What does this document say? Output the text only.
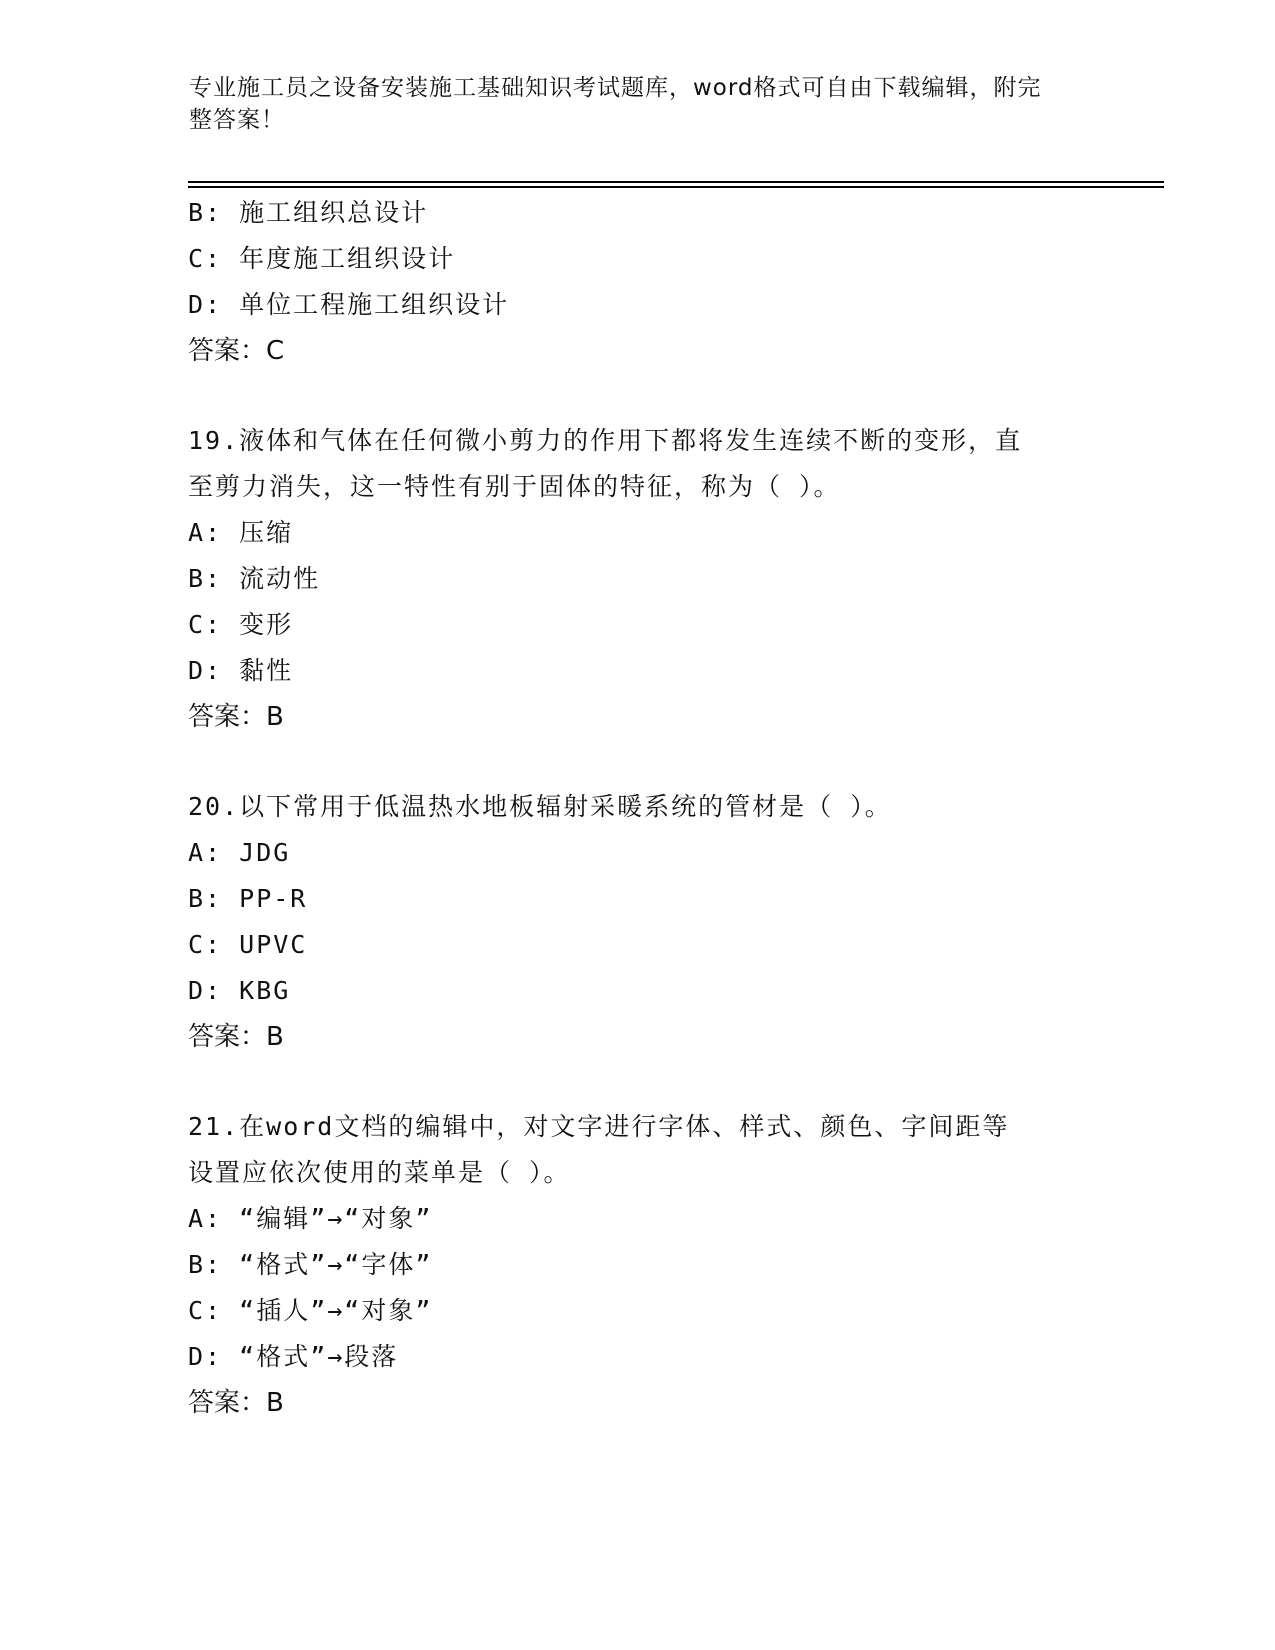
专业施工员之设备安装施工基础知识考试题库，word格式可自由下载编辑，附完
整答案！
B: 施工组织总设计
C: 年度施工组织设计
D: 单位工程施工组织设计
答案：C
19.液体和气体在任何微小剪力的作用下都将发生连续不断的变形，直
至剪力消失，这一特性有别于固体的特征，称为（ ）。
A: 压缩
B: 流动性
C: 变形
D: 黏性
答案：B
20.以下常用于低温热水地板辐射采暖系统的管材是（ ）。
A: JDG
B: PP-R
C: UPVC
D: KBG
答案：B
21.在word文档的编辑中，对文字进行字体、样式、颜色、字间距等
设置应依次使用的菜单是（ ）。
A: “编辑”→“对象”
B: “格式”→“字体”
C: “插人”→“对象”
D: “格式”→段落
答案：B
